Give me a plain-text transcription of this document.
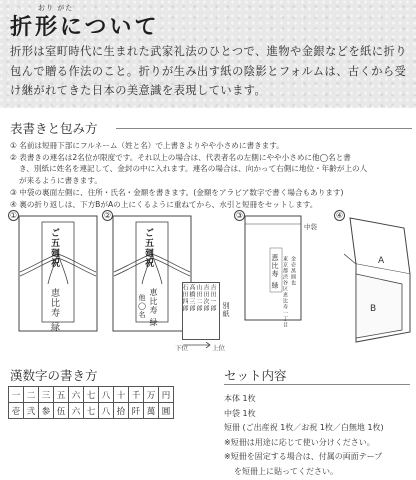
おり がた
折形について
折形は室町時代に生まれた武家礼法のひとつで、進物や金銀などを紙に折り包んで贈る作法のこと。折りが生み出す紙の陰影とフォルムは、古くから受け継がれてきた日本の美意識を表現しています。
表書きと包み方

① 名前は短冊下部にフルネーム（姓と名）で上書きよりやや小さめに書きます。

② 表書きの連名は2名位が限度です。それ以上の場合は、代表者名の左側にやや小さめに他◯名と書

き、別紙に姓名を連記して、金封の中に入れます。連名の場合は、向かって右側に地位・年齢が上の人

が来るように書きます。

③ 中袋の裏面左側に、住所・氏名・金額を書きます。(金額をアラビア数字で書く場合もあります)

④ 裏の折り返しは、下方BがAの上にくるように重ねてから、水引と短冊をセットします。

①
ご五廻祝
恵比寿 緑
②
ご五廻祝
恵比寿
他◯名
緑
吉田一郎
吉田次郎
山田二郎
高橋三郎
石田四郎	別紙
下位	上位
③
中袋
恵比寿 緑 東京都渋谷区恵比寿一丁目 金壱萬圓也
④
A
B
漢数字の書き方
一	二	三	五	六	七	八	十	千	万	円
壱	弐	参	伍	六	七	八	拾	阡	萬	圓
セット内容

本体 1枚

中袋 1枚

短冊 (ご出産祝 1枚／お祝 1枚／白無地 1枚)

※短冊は用途に応じて使い分けください。

※短冊を固定する場合は、付属の両面テープ

を短冊上に貼ってください。
